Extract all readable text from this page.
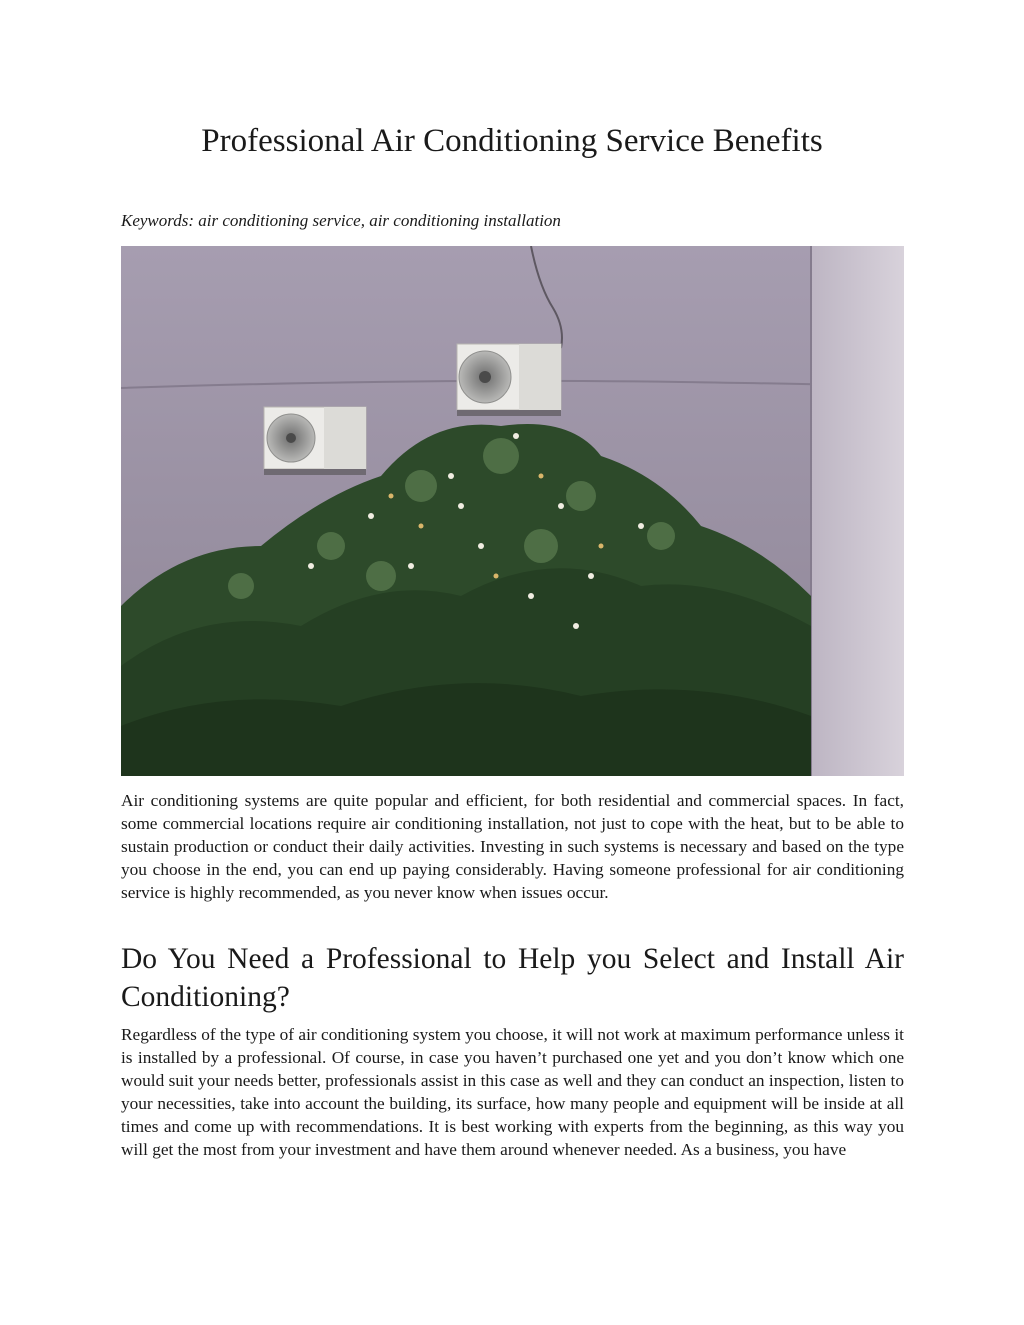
Professional Air Conditioning Service Benefits

Keywords: air conditioning service, air conditioning installation

Air conditioning systems are quite popular and efficient, for both residential and commercial spaces. In fact, some commercial locations require air conditioning installation, not just to cope with the heat, but to be able to sustain production or conduct their daily activities. Investing in such systems is necessary and based on the type you choose in the end, you can end up paying considerably. Having someone professional for air conditioning service is highly recommended, as you never know when issues occur.

Do You Need a Professional to Help you Select and Install Air Conditioning?

Regardless of the type of air conditioning system you choose, it will not work at maximum performance unless it is installed by a professional. Of course, in case you haven’t purchased one yet and you don’t know which one would suit your needs better, professionals assist in this case as well and they can conduct an inspection, listen to your necessities, take into account the building, its surface, how many people and equipment will be inside at all times and come up with recommendations. It is best working with experts from the beginning, as this way you will get the most from your investment and have them around whenever needed. As a business, you have
